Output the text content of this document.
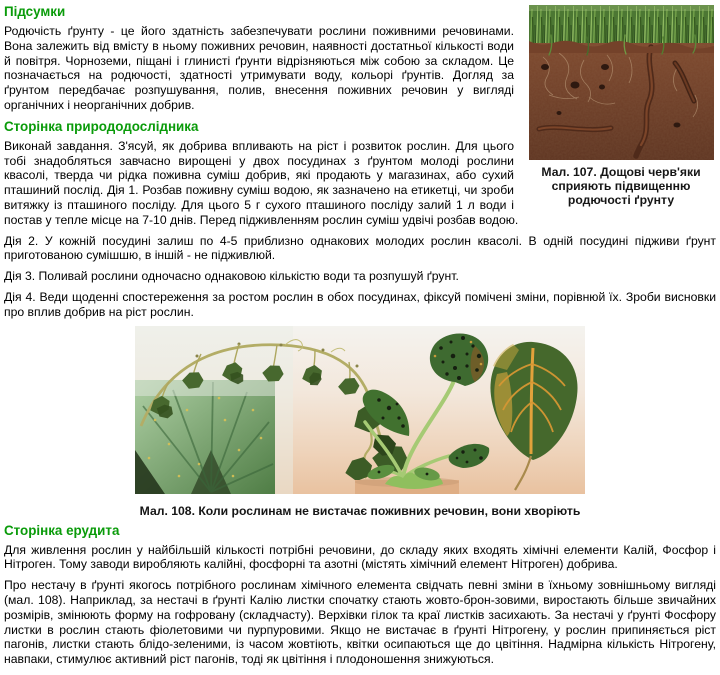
Мал. 107. Дощові черв'яки сприяють підвищенню родючості ґрунту
Підсумки

Родючість ґрунту - це його здатність забезпечувати рослини поживними речовинами. Вона залежить від вмісту в ньому поживних речовин, наявності достатньої кількості води й повітря. Чорноземи, піщані і глинисті ґрунти відрізняються між собою за складом. Це позначається на родючості, здатності утримувати воду, кольорі ґрунтів. Догляд за ґрунтом передбачає розпушування, полив, внесення поживних речовин у вигляді органічних і неорганічних добрив.

Сторінка природодослідника

Виконай завдання. З'ясуй, як добрива впливають на ріст і розвиток рослин. Для цього тобі знадобляться завчасно вирощені у двох посудинах з ґрунтом молоді рослини квасолі, тверда чи рідка поживна суміш добрив, які продають у магазинах, або сухий пташиний послід. Дія 1. Розбав поживну суміш водою, як зазначено на етикетці, чи зроби витяжку із пташиного посліду. Для цього 5 г сухого пташиного посліду залий 1 л води і постав у тепле місце на 7-10 днів. Перед підживленням рослин суміш удвічі розбав водою.

Дія 2. У кожній посудині залиш по 4-5 приблизно однакових молодих рослин квасолі. В одній посудині підживи ґрунт приготованою сумішшю, в іншій - не підживлюй.

Дія 3. Поливай рослини одночасно однаковою кількістю води та розпушуй ґрунт.

Дія 4. Веди щоденні спостереження за ростом рослин в обох посудинах, фіксуй помічені зміни, порівнюй їх. Зроби висновки про вплив добрив на ріст рослин.

Мал. 108. Коли рослинам не вистачає поживних речовин, вони хворіють
Сторінка ерудита

Для живлення рослин у найбільшій кількості потрібні речовини, до складу яких входять хімічні елементи Калій, Фосфор і Нітроген. Тому заводи виробляють калійні, фосфорні та азотні (містять хімічний елемент Нітроген) добрива.

Про нестачу в ґрунті якогось потрібного рослинам хімічного елемента свідчать певні зміни в їхньому зовнішньому вигляді (мал. 108). Наприклад, за нестачі в ґрунті Калію листки спочатку стають жовто-брон-зовими, виростають більше звичайних розмірів, змінюють форму на гофровану (складчасту). Верхівки гілок та краї листків засихають. За нестачі у ґрунті Фосфору листки в рослин стають фіолетовими чи пурпуровими. Якщо не вистачає в ґрунті Нітрогену, у рослин припиняється ріст пагонів, листки стають блідо-зеленими, із часом жовтіють, квітки осипаються ще до цвітіння. Надмірна кількість Нітрогену, навпаки, стимулює активний ріст пагонів, тоді як цвітіння і плодоношення знижуються.
